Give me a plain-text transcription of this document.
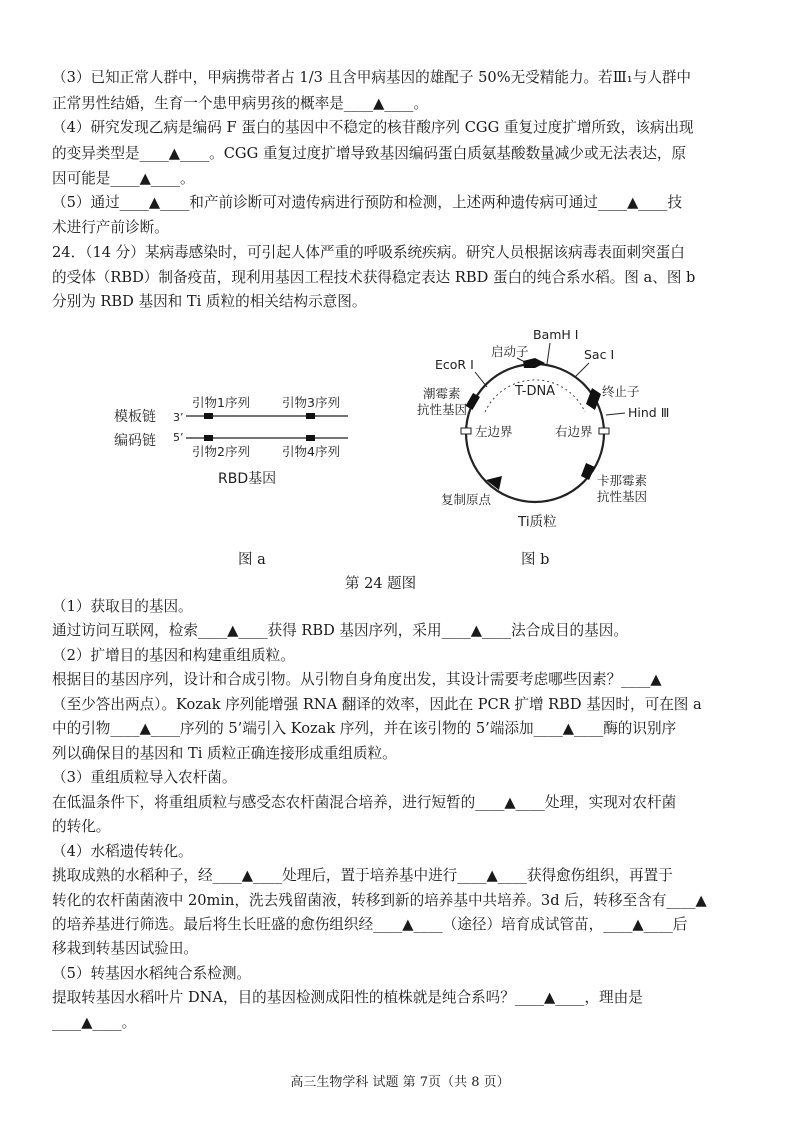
（3）已知正常人群中，甲病携带者占 1/3 且含甲病基因的雄配子 50%无受精能力。若Ⅲ₁与人群中
正常男性结婚，生育一个患甲病男孩的概率是____▲____。
（4）研究发现乙病是编码 F 蛋白的基因中不稳定的核苷酸序列 CGG 重复过度扩增所致，该病出现
的变异类型是____▲____。CGG 重复过度扩增导致基因编码蛋白质氨基酸数量减少或无法表达，原
因可能是____▲____。
（5）通过____▲____和产前诊断可对遗传病进行预防和检测，上述两种遗传病可通过____▲____技
术进行产前诊断。
24．（14 分）某病毒感染时，可引起人体严重的呼吸系统疾病。研究人员根据该病毒表面刺突蛋白
的受体（RBD）制备疫苗，现利用基因工程技术获得稳定表达 RBD 蛋白的纯合系水稻。图 a、图 b
分别为 RBD 基因和 Ti 质粒的相关结构示意图。
模板链
编码链
3’
5’
引物1序列	引物3序列
引物2序列	引物4序列
RBD基因
T-DNA
启动子
BamH I
Sac I
EcoR I
潮霉素
抗性基因
终止子
Hind Ⅲ
左边界	右边界
卡那霉素
抗性基因
复制原点
Ti质粒
图 a	图 b
第 24 题图
（1）获取目的基因。
通过访问互联网，检索____▲____获得 RBD 基因序列，采用____▲____法合成目的基因。
（2）扩增目的基因和构建重组质粒。
根据目的基因序列，设计和合成引物。从引物自身角度出发，其设计需要考虑哪些因素？____▲
（至少答出两点）。Kozak 序列能增强 RNA 翻译的效率，因此在 PCR 扩增 RBD 基因时，可在图 a
中的引物____▲____序列的 5’端引入 Kozak 序列，并在该引物的 5’端添加____▲____酶的识别序
列以确保目的基因和 Ti 质粒正确连接形成重组质粒。
（3）重组质粒导入农杆菌。
在低温条件下，将重组质粒与感受态农杆菌混合培养，进行短暂的____▲____处理，实现对农杆菌
的转化。
（4）水稻遗传转化。
挑取成熟的水稻种子，经____▲____处理后，置于培养基中进行____▲____获得愈伤组织，再置于
转化的农杆菌菌液中 20min，洗去残留菌液，转移到新的培养基中共培养。3d 后，转移至含有____▲
的培养基进行筛选。最后将生长旺盛的愈伤组织经____▲____（途径）培育成试管苗，____▲____后
移栽到转基因试验田。
（5）转基因水稻纯合系检测。
提取转基因水稻叶片 DNA，目的基因检测成阳性的植株就是纯合系吗？____▲____，理由是
____▲____。
高三生物学科 试题 第 7页（共 8 页）
